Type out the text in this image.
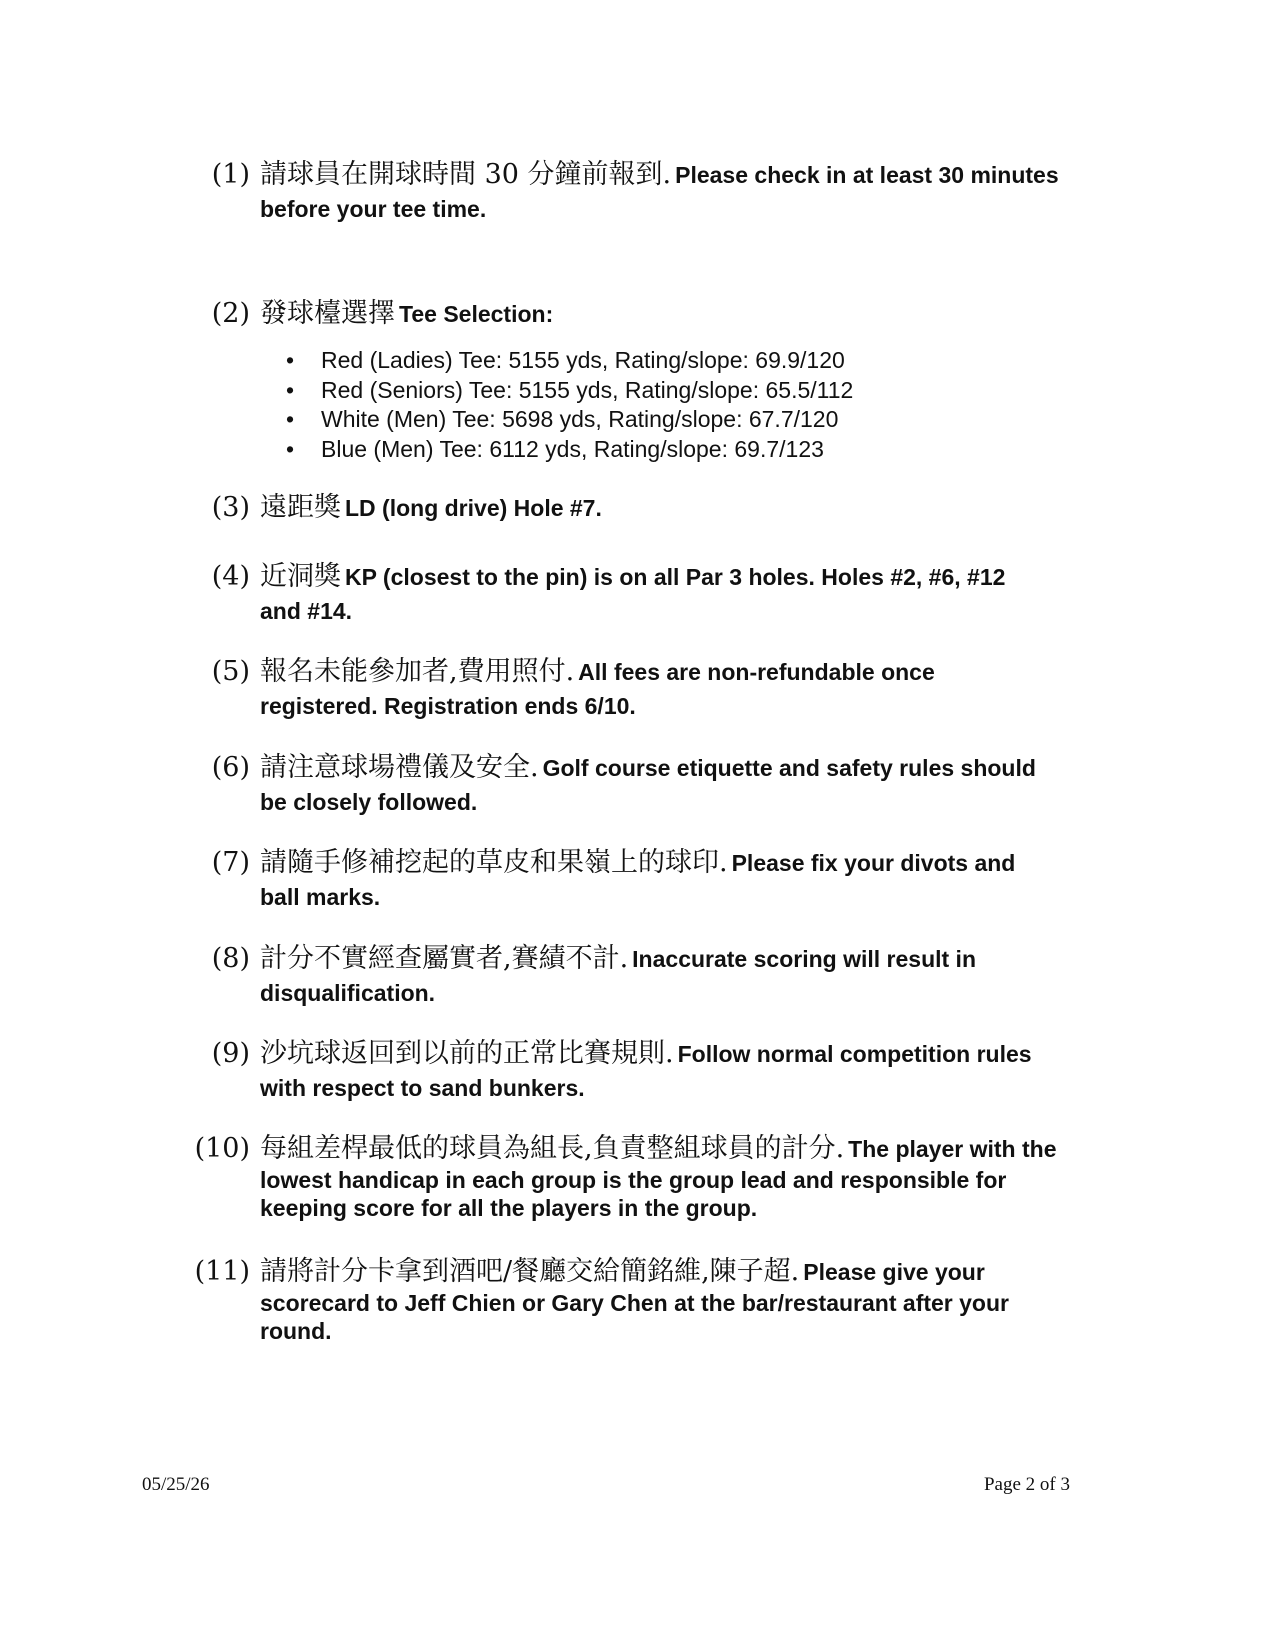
(1) 請球員在開球時間 30 分鐘前報到. Please check in at least 30 minutes
before your tee time.
(2) 發球檯選擇 Tee Selection:
• Red (Ladies) Tee: 5155 yds, Rating/slope: 69.9/120
• Red (Seniors) Tee: 5155 yds, Rating/slope: 65.5/112
• White (Men) Tee: 5698 yds, Rating/slope: 67.7/120
• Blue (Men) Tee: 6112 yds, Rating/slope: 69.7/123
(3) 遠距獎 LD (long drive) Hole #7.
(4) 近洞獎 KP (closest to the pin) is on all Par 3 holes. Holes #2, #6, #12
and #14.
(5) 報名未能參加者,費用照付. All fees are non-refundable once
registered. Registration ends 6/10.
(6) 請注意球場禮儀及安全. Golf course etiquette and safety rules should
be closely followed.
(7) 請隨手修補挖起的草皮和果嶺上的球印. Please fix your divots and
ball marks.
(8) 計分不實經查屬實者,賽績不計. Inaccurate scoring will result in
disqualification.
(9) 沙坑球返回到以前的正常比賽規則. Follow normal competition rules
with respect to sand bunkers.
(10) 每組差桿最低的球員為組長,負責整組球員的計分. The player with the
lowest handicap in each group is the group lead and responsible for
keeping score for all the players in the group.
(11) 請將計分卡拿到酒吧/餐廳交給簡銘維,陳子超. Please give your
scorecard to Jeff Chien or Gary Chen at the bar/restaurant after your
round.
05/25/26	Page 2 of 3
